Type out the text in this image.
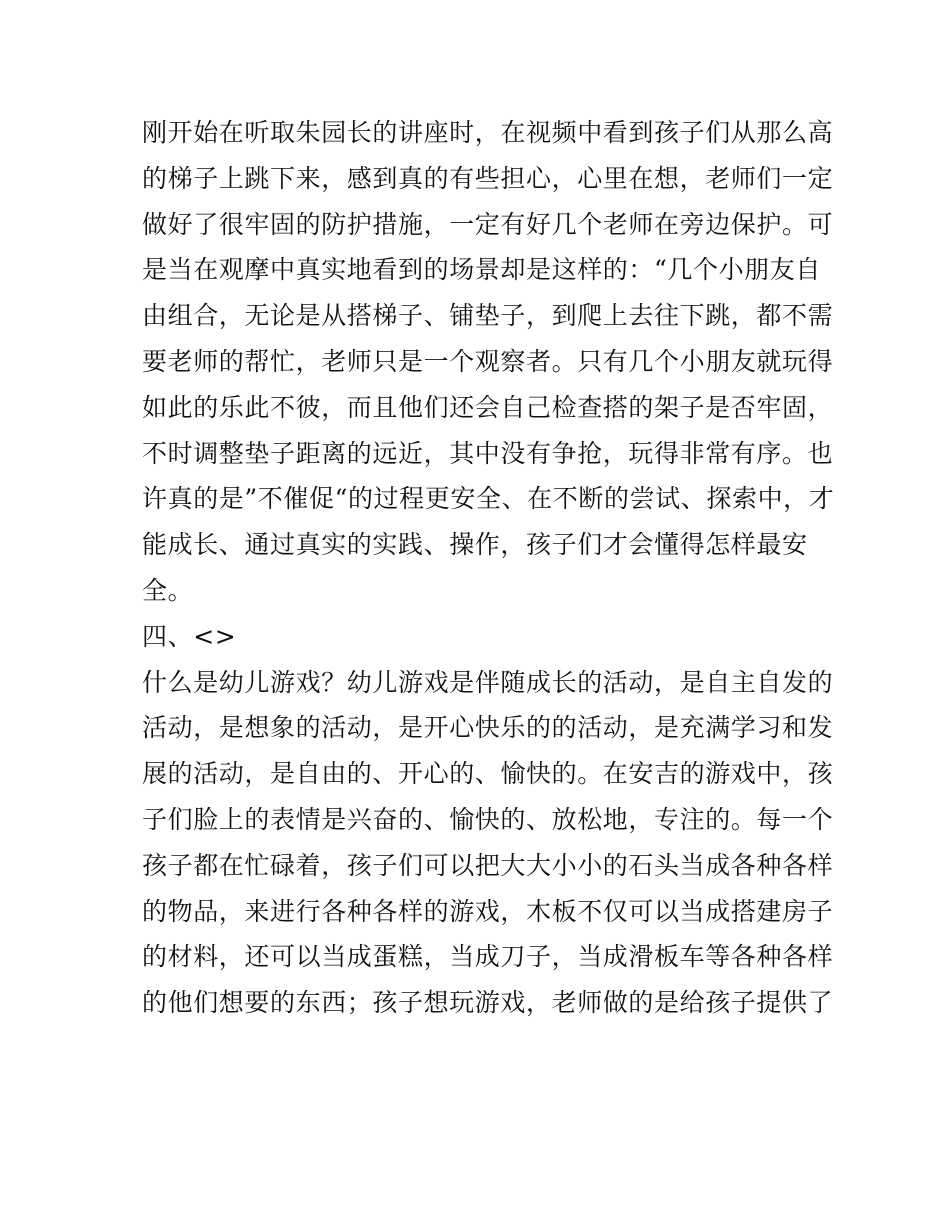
刚开始在听取朱园长的讲座时，在视频中看到孩子们从那么高
的梯子上跳下来，感到真的有些担心，心里在想，老师们一定
做好了很牢固的防护措施，一定有好几个老师在旁边保护。可
是当在观摩中真实地看到的场景却是这样的：“几个小朋友自
由组合，无论是从搭梯子、铺垫子，到爬上去往下跳，都不需
要老师的帮忙，老师只是一个观察者。只有几个小朋友就玩得
如此的乐此不彼，而且他们还会自己检查搭的架子是否牢固，
不时调整垫子距离的远近，其中没有争抢，玩得非常有序。也
许真的是”不催促“的过程更安全、在不断的尝试、探索中，才
能成长、通过真实的实践、操作，孩子们才会懂得怎样最安
全。
四、<>
什么是幼儿游戏？幼儿游戏是伴随成长的活动，是自主自发的
活动，是想象的活动，是开心快乐的的活动，是充满学习和发
展的活动，是自由的、开心的、愉快的。在安吉的游戏中，孩
子们脸上的表情是兴奋的、愉快的、放松地，专注的。每一个
孩子都在忙碌着，孩子们可以把大大小小的石头当成各种各样
的物品，来进行各种各样的游戏，木板不仅可以当成搭建房子
的材料，还可以当成蛋糕，当成刀子，当成滑板车等各种各样
的他们想要的东西；孩子想玩游戏，老师做的是给孩子提供了
